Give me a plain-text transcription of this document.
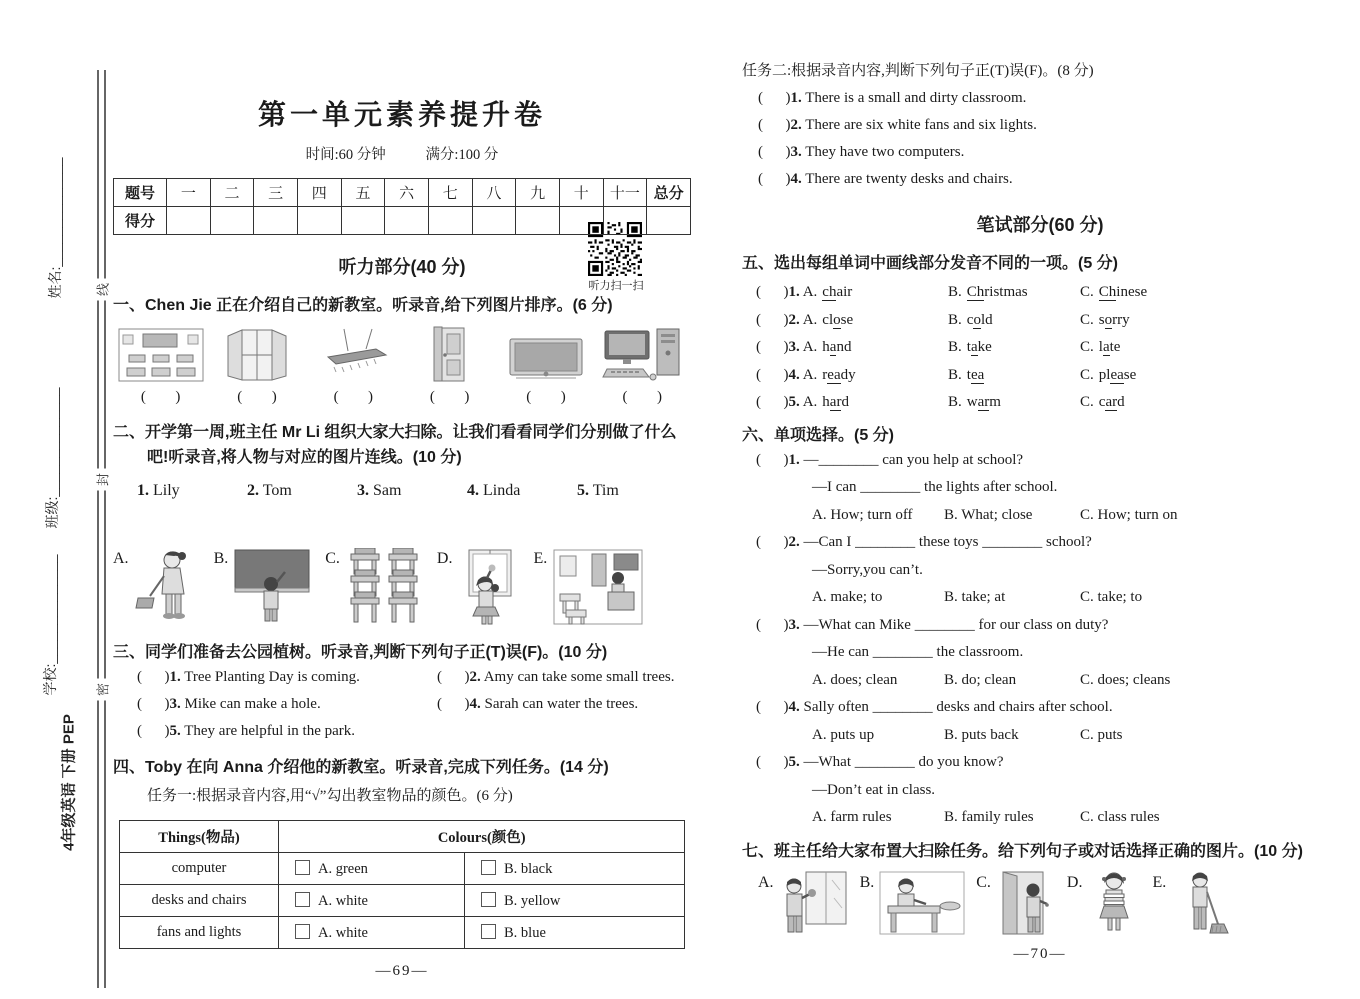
姓名:______________
班级:______________
学校:______________
4年级英语 下册 PEP
线
封
密
听力扫一扫
第一单元素养提升卷
时间:60 分钟	满分:100 分
题号	一	二	三	四	五	六	七	八	九	十	十一	总分
得分												
听力部分(40 分)
一、Chen Jie 正在介绍自己的新教室。听录音,给下列图片排序。(6 分)
(      )	(      )	(      )	(      )	(      )	(      )
二、开学第一周,班主任 Mr Li 组织大家大扫除。让我们看看同学们分别做了什么吧!听录音,将人物与对应的图片连线。(10 分)
1. Lily	2. Tom	3. Sam	4. Linda	5. Tim
A.	B.	C.	D.	E.
三、同学们准备去公园植树。听录音,判断下列句子正(T)误(F)。(10 分)
(      )1. Tree Planting Day is coming.	(      )2. Amy can take some small trees.
(      )3. Mike can make a hole.	(      )4. Sarah can water the trees.
(      )5. They are helpful in the park.
四、Toby 在向 Anna 介绍他的新教室。听录音,完成下列任务。(14 分)
任务一:根据录音内容,用“√”勾出教室物品的颜色。(6 分)
Things(物品)	Colours(颜色)	
computer	A. green	B. black
desks and chairs	A. white	B. yellow
fans and lights	A. white	B. blue
—69—
任务二:根据录音内容,判断下列句子正(T)误(F)。(8 分)
(      )1. There is a small and dirty classroom.
(      )2. There are six white fans and six lights.
(      )3. They have two computers.
(      )4. There are twenty desks and chairs.
笔试部分(60 分)
五、选出每组单词中画线部分发音不同的一项。(5 分)
(      )1. A. chair	B. Christmas	C. Chinese
(      )2. A. close	B. cold	C. sorry
(      )3. A. hand	B. take	C. late
(      )4. A. ready	B. tea	C. please
(      )5. A. hard	B. warm	C. card
六、单项选择。(5 分)
(      )1. —________ can you help at school?
—I can ________ the lights after school.
A. How; turn off	B. What; close	C. How; turn on
(      )2. —Can I ________ these toys ________ school?
—Sorry,you can’t.
A. make; to	B. take; at	C. take; to
(      )3. —What can Mike ________ for our class on duty?
—He can ________ the classroom.
A. does; clean	B. do; clean	C. does; cleans
(      )4. Sally often ________ desks and chairs after school.
A. puts up	B. puts back	C. puts
(      )5. —What ________ do you know?
—Don’t eat in class.
A. farm rules	B. family rules	C. class rules
七、班主任给大家布置大扫除任务。给下列句子或对话选择正确的图片。(10 分)
A.	B.	C.	D.	E.
—70—
